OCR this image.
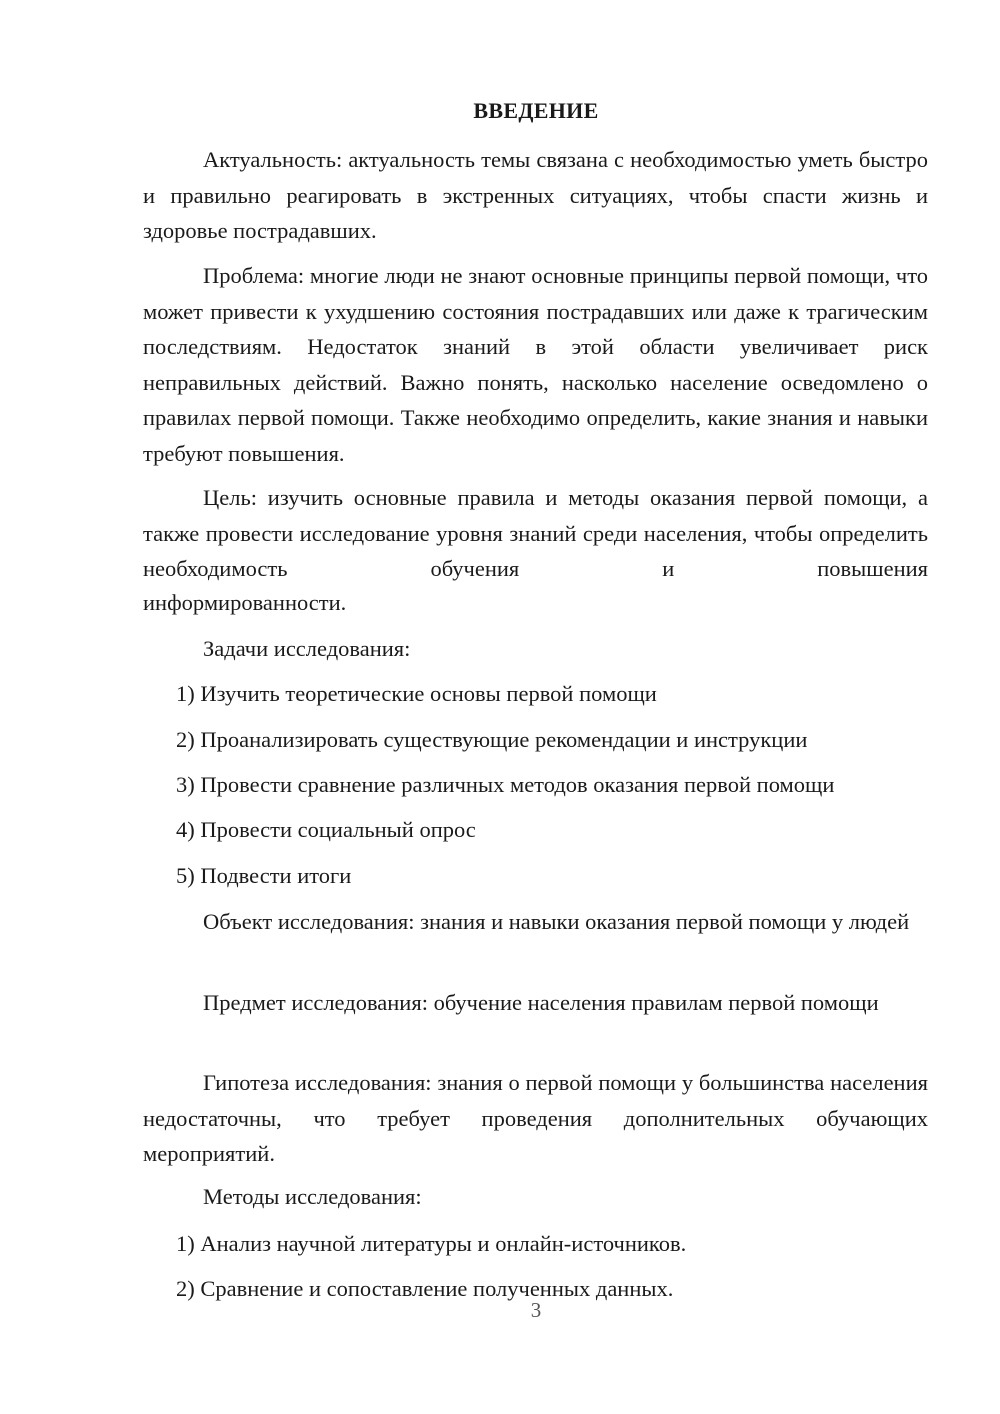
ВВЕДЕНИЕ

Актуальность: актуальность темы связана с необходимостью уметь быстро и правильно реагировать в экстренных ситуациях, чтобы спасти жизнь и здоровье пострадавших.

Проблема: многие люди не знают основные принципы первой помощи, что может привести к ухудшению состояния пострадавших или даже к трагическим последствиям. Недостаток знаний в этой области увеличивает риск неправильных действий. Важно понять, насколько население осведомлено о правилах первой помощи. Также необходимо определить, какие знания и навыки требуют повышения.

Цель: изучить основные правила и методы оказания первой помощи, а также провести исследование уровня знаний среди населения, чтобы определить необходимость обучения и повышения

информированности.

Задачи исследования:

1) Изучить теоретические основы первой помощи

2) Проанализировать существующие рекомендации и инструкции

3) Провести сравнение различных методов оказания первой помощи

4) Провести социальный опрос

5) Подвести итоги

Объект исследования: знания и навыки оказания первой помощи у людей

Предмет исследования: обучение населения правилам первой помощи

Гипотеза исследования: знания о первой помощи у большинства населения недостаточны, что требует проведения дополнительных обучающих мероприятий.

Методы исследования:

1) Анализ научной литературы и онлайн-источников.

2) Сравнение и сопоставление полученных данных.

3
